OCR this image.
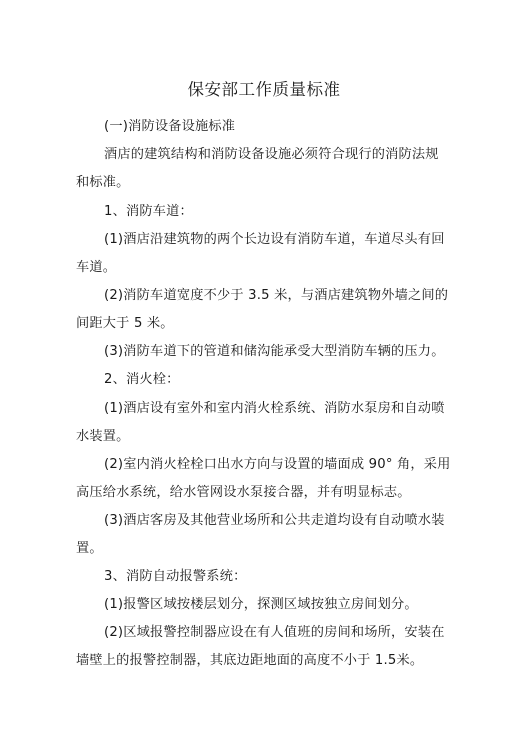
保安部工作质量标准
(一)消防设备设施标准
酒店的建筑结构和消防设备设施必须符合现行的消防法规
和标准。
1、消防车道：
(1)酒店沿建筑物的两个长边设有消防车道，车道尽头有回
车道。
(2)消防车道宽度不少于 3.5 米，与酒店建筑物外墙之间的
间距大于 5 米。
(3)消防车道下的管道和储沟能承受大型消防车辆的压力。
2、消火栓：
(1)酒店设有室外和室内消火栓系统、消防水泵房和自动喷
水装置。
(2)室内消火栓栓口出水方向与设置的墙面成 90° 角，采用
高压给水系统，给水管网设水泵接合器，并有明显标志。
(3)酒店客房及其他营业场所和公共走道均设有自动喷水装
置。
3、消防自动报警系统：
(1)报警区域按楼层划分，探测区域按独立房间划分。
(2)区域报警控制器应设在有人值班的房间和场所，安装在
墙壁上的报警控制器，其底边距地面的高度不小于 1.5米。
